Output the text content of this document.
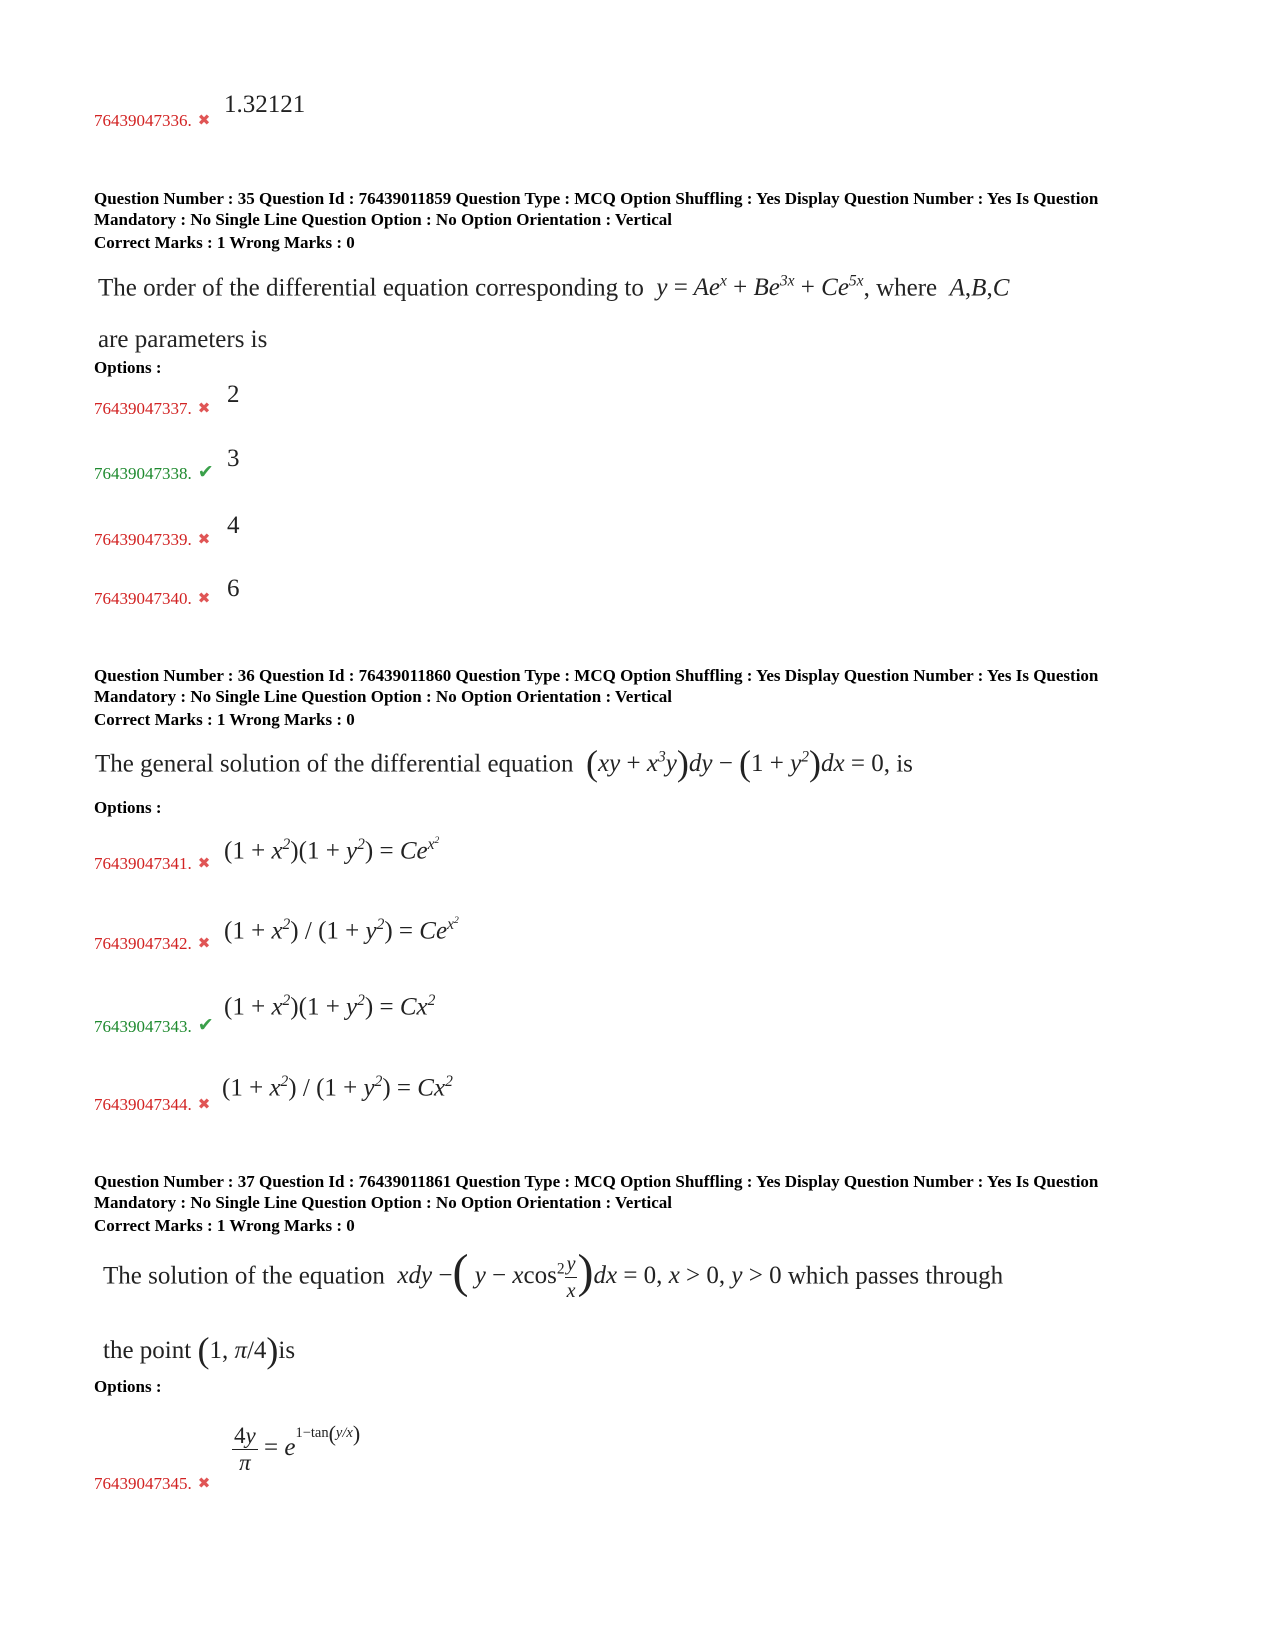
76439047336. ✖
1.32121
Question Number : 35 Question Id : 76439011859 Question Type : MCQ Option Shuffling : Yes Display Question Number : Yes Is Question
Mandatory : No Single Line Question Option : No Option Orientation : Vertical
Correct Marks : 1 Wrong Marks : 0
The order of the differential equation corresponding to $y = Ae^x + Be^{3x} + Ce^{5x}$, where A,B,C
are parameters is
Options :
76439047337. ✖
2
76439047338. ✔
3
76439047339. ✖
4
76439047340. ✖ 6
Question Number : 36 Question Id : 76439011860 Question Type : MCQ Option Shuffling : Yes Display Question Number : Yes Is Question
Mandatory : No Single Line Question Option : No Option Orientation : Vertical
Correct Marks : 1 Wrong Marks : 0
The general solution of the differential equation $(xy + x^3y)dy - (1 + y^2)dx = 0$, is
Options :
$(1 + x^2)(1 + y^2) = Ce^{x^2}$
76439047341. ✖
$(1 + x^2) / (1 + y^2) = Ce^{x^2}$
76439047342. ✖
$(1 + x^2)(1 + y^2) = Cx^2$
76439047343. ✔
$(1 + x^2) / (1 + y^2) = Cx^2$
76439047344. ✖
Question Number : 37 Question Id : 76439011861 Question Type : MCQ Option Shuffling : Yes Display Question Number : Yes Is Question
Mandatory : No Single Line Question Option : No Option Orientation : Vertical
Correct Marks : 1 Wrong Marks : 0
The solution of the equation xdy −( $y - xcos^2 \frac{y}{x} )dx = 0$, x > 0, y > 0 which passes through
the point (1, π/4)is
Options :
$\frac{4y}{\pi} = e^{1-tan(y/x)}$
76439047345. ✖
